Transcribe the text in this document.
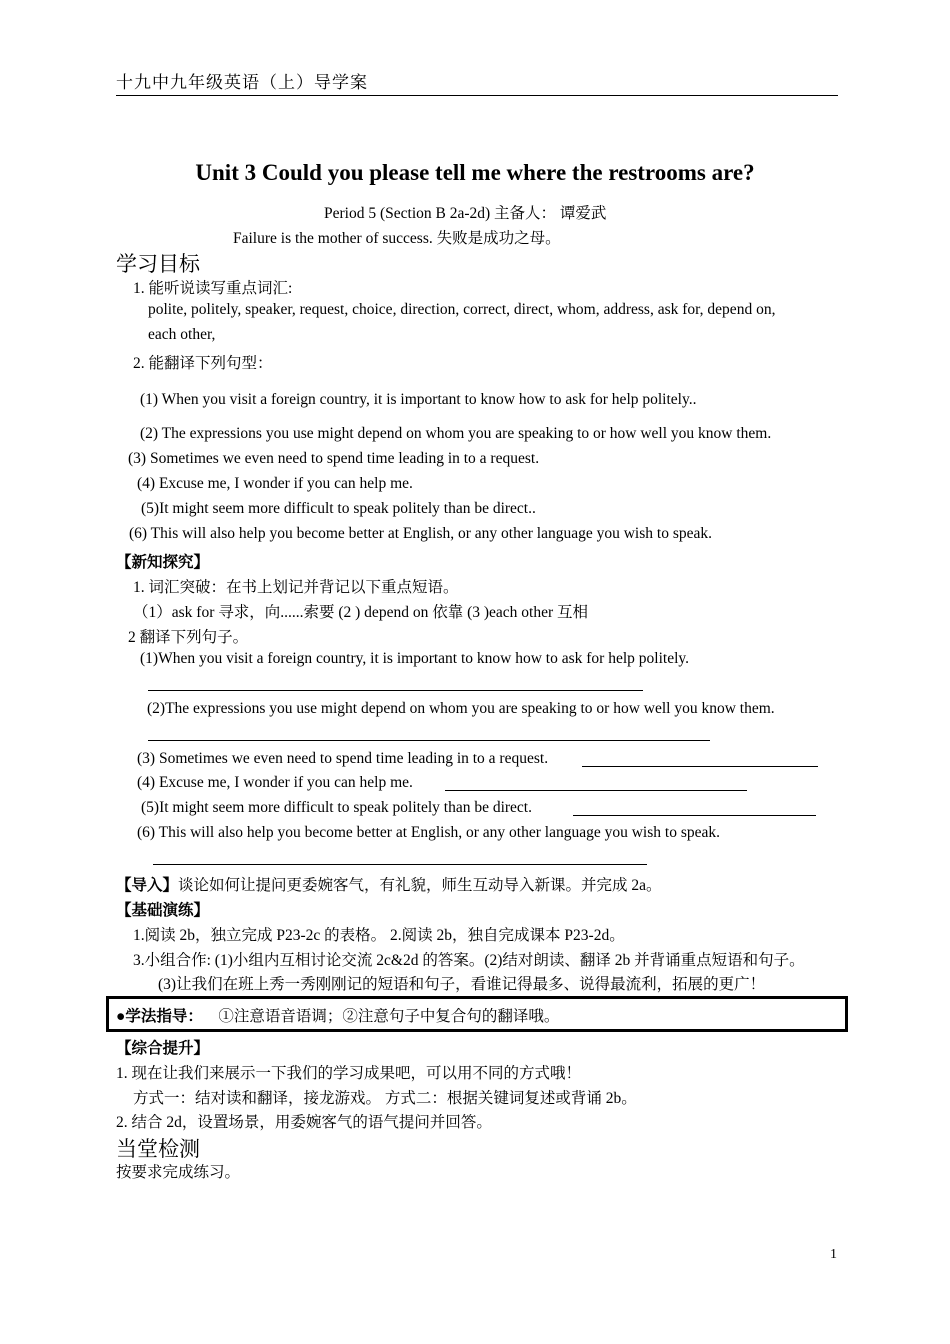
十九中九年级英语（上）导学案
Unit 3 Could you please tell me where the restrooms are?
Period 5 (Section B 2a-2d) 主备人： 谭爱武
Failure is the mother of success. 失败是成功之母。
学习目标
1. 能听说读写重点词汇:
polite, politely, speaker, request, choice, direction, correct, direct, whom, address, ask for, depend on,
each other,
2. 能翻译下列句型：
(1) When you visit a foreign country, it is important to know how to ask for help politely..
(2) The expressions you use might depend on whom you are speaking to or how well you know them.
(3) Sometimes we even need to spend time leading in to a request.
(4) Excuse me, I wonder if you can help me.
(5)It might seem more difficult to speak politely than be direct..
(6) This will also help you become better at English, or any other language you wish to speak.
【新知探究】
1. 词汇突破：在书上划记并背记以下重点短语。
（1）ask for 寻求，向......索要 (2 ) depend on 依靠 (3 )each other 互相
2 翻译下列句子。
(1)When you visit a foreign country, it is important to know how to ask for help politely.
(2)The expressions you use might depend on whom you are speaking to or how well you know them.
(3) Sometimes we even need to spend time leading in to a request.
(4) Excuse me, I wonder if you can help me.
(5)It might seem more difficult to speak politely than be direct.
(6) This will also help you become better at English, or any other language you wish to speak.
【导入】谈论如何让提问更委婉客气，有礼貌，师生互动导入新课。并完成 2a。
【基础演练】
1.阅读 2b，独立完成 P23-2c 的表格。 2.阅读 2b，独自完成课本 P23-2d。
3.小组合作: (1)小组内互相讨论交流 2c&2d 的答案。(2)结对朗读、翻译 2b 并背诵重点短语和句子。
(3)让我们在班上秀一秀刚刚记的短语和句子，看谁记得最多、说得最流利，拓展的更广！
●学法指导： ①注意语音语调；②注意句子中复合句的翻译哦。
【综合提升】
1. 现在让我们来展示一下我们的学习成果吧，可以用不同的方式哦！
方式一：结对读和翻译，接龙游戏。 方式二：根据关键词复述或背诵 2b。
2. 结合 2d，设置场景，用委婉客气的语气提问并回答。
当堂检测
按要求完成练习。
1
